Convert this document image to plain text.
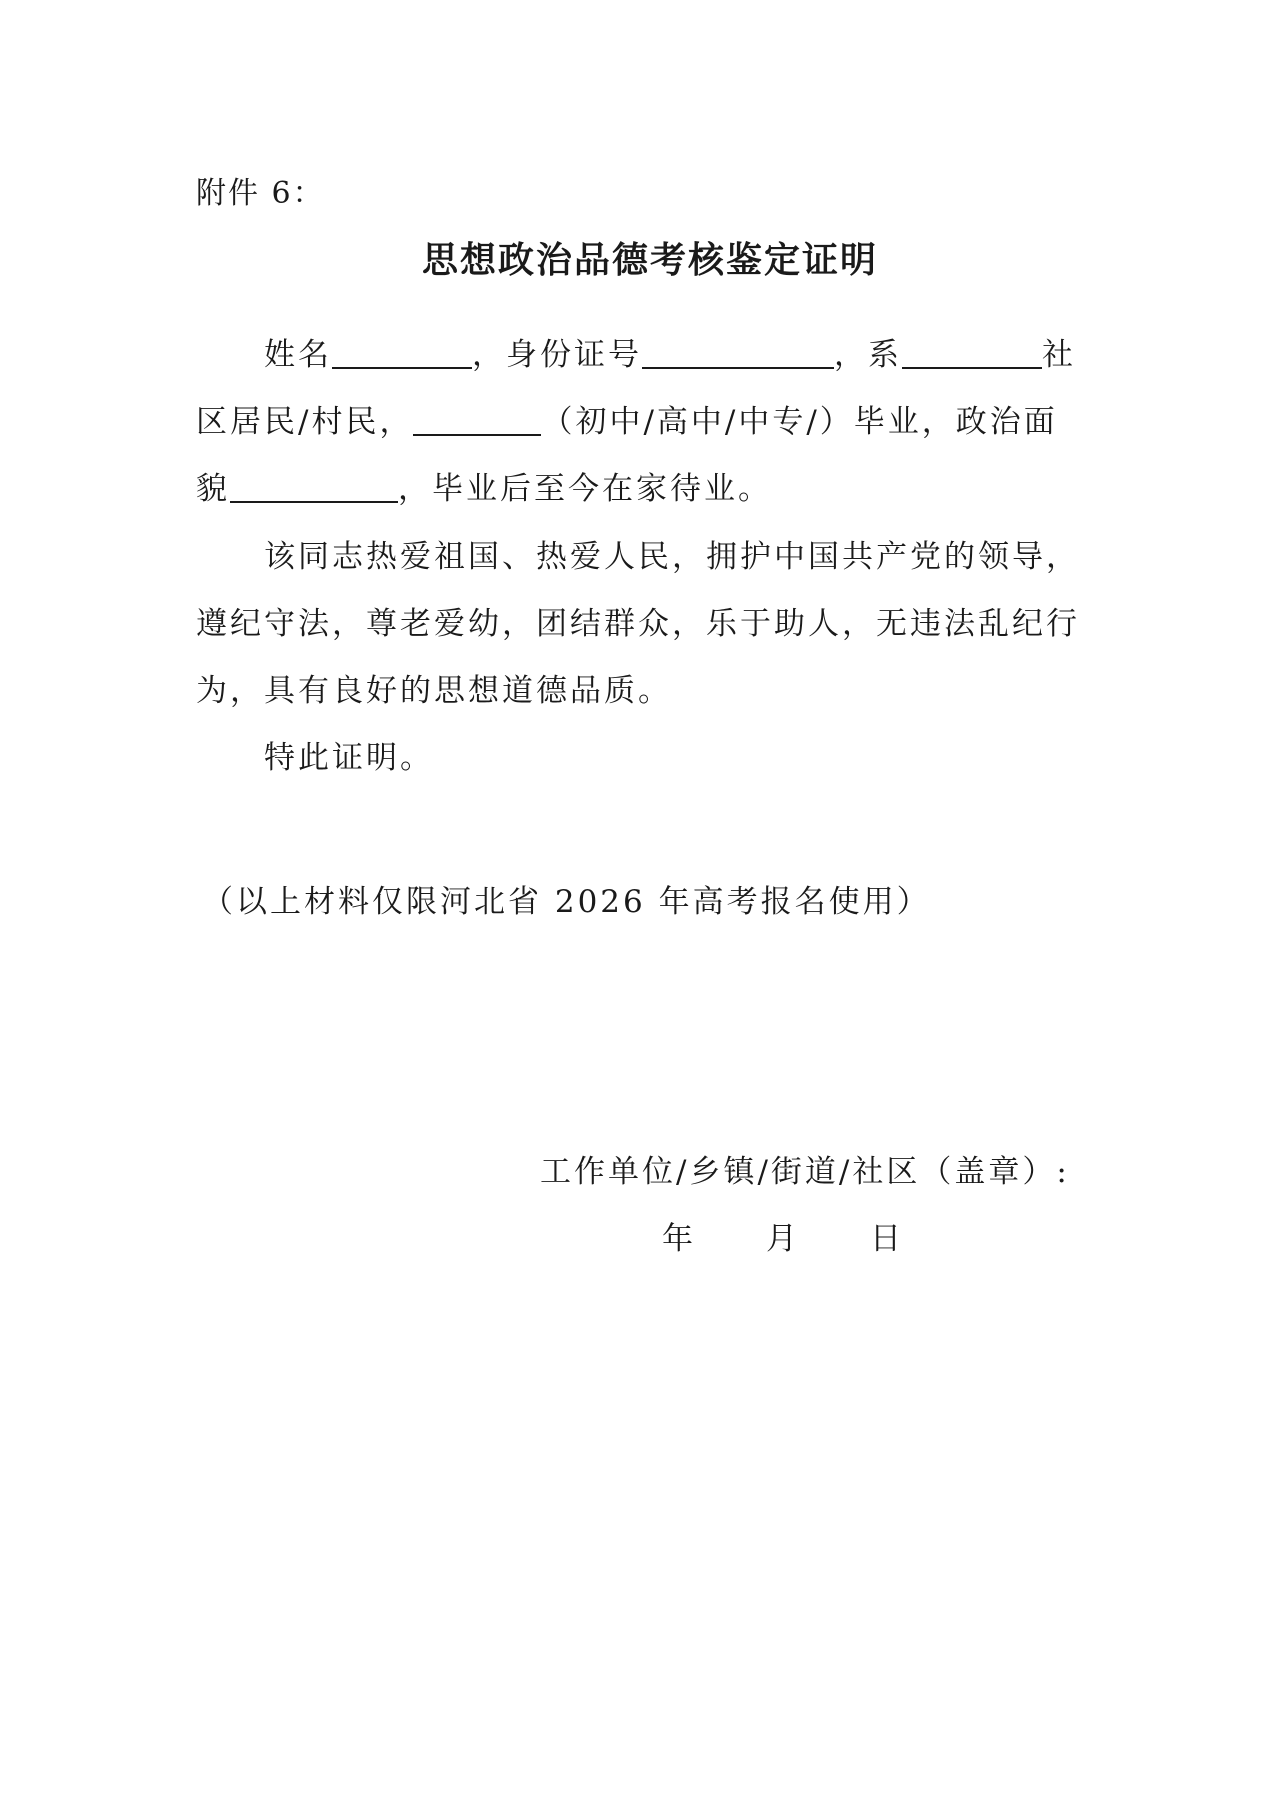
附件 6：
思想政治品德考核鉴定证明
姓名	，身份证号	，系	社
区居民/村民，	（初中/高中/中专/）毕业，政治面
貌	，毕业后至今在家待业。
该同志热爱祖国、热爱人民，拥护中国共产党的领导，
遵纪守法，尊老爱幼，团结群众，乐于助人，无违法乱纪行
为，具有良好的思想道德品质。
特此证明。
（以上材料仅限河北省 2026 年高考报名使用）
工作单位/乡镇/街道/社区（盖章）:
年 月 日
